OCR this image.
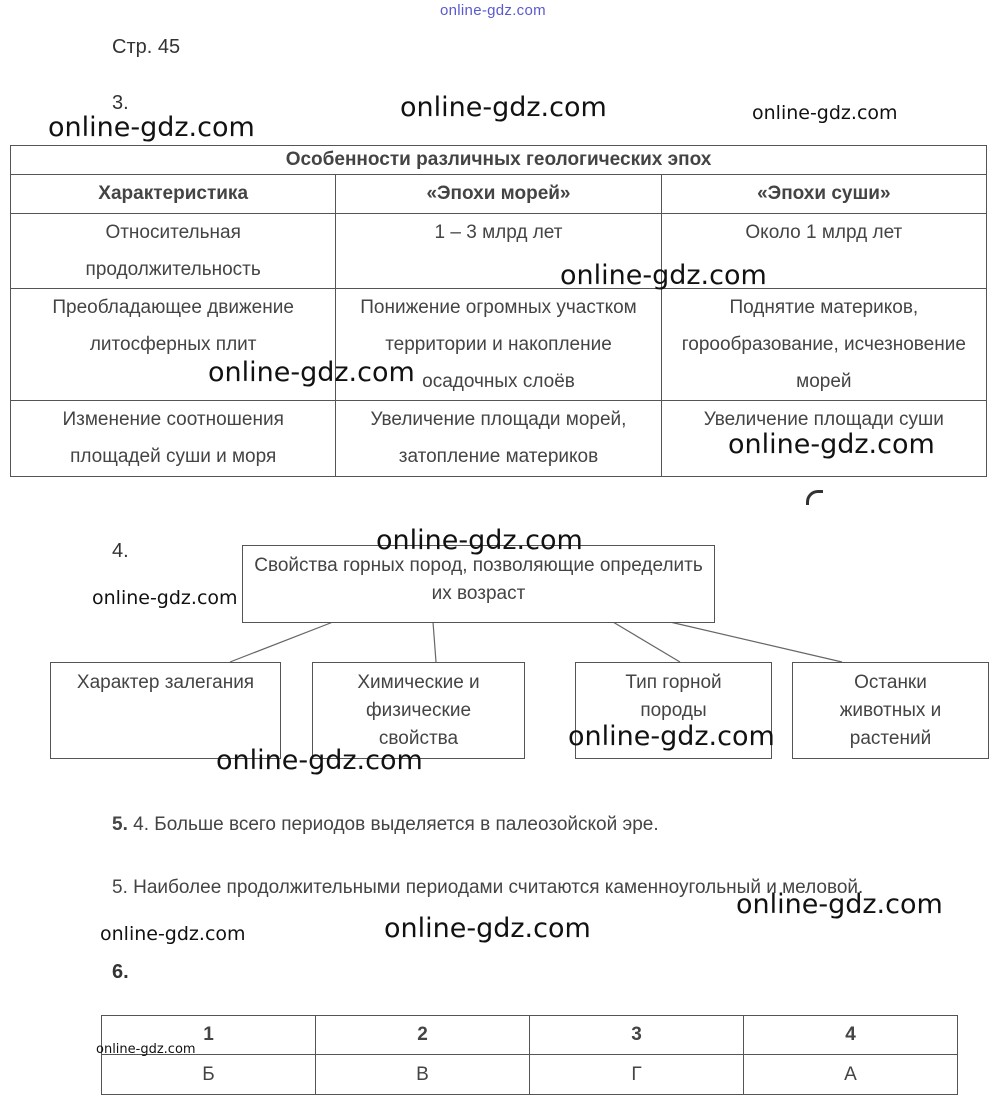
online-gdz.com
Стр. 45
3.
Особенности различных геологических эпох		
Характеристика	«Эпохи морей»	«Эпохи суши»
Относительная продолжительность	1 – 3 млрд лет	Около 1 млрд лет
Преобладающее движение литосферных плит	Понижение огромных участком территории и накопление осадочных слоёв	Поднятие материков, горообразование, исчезновение морей
Изменение соотношения площадей суши и моря	Увеличение площади морей, затопление материков	Увеличение площади суши
4.
Свойства горных пород, позволяющие определить их возраст
Характер залегания	Химические и физические свойства
Тип горной породы
Останки животных и растений
5. 4. Больше всего периодов выделяется в палеозойской эре.
5. Наиболее продолжительными периодами считаются каменноугольный и меловой.
6.
1	2	3	4
Б	В	Г	А
online-gdz.com	online-gdz.com
online-gdz.com
online-gdz.com
online-gdz.com
online-gdz.com
online-gdz.com
online-gdz.com
online-gdz.com
online-gdz.com
online-gdz.com
online-gdz.com
online-gdz.com
online-gdz.com
